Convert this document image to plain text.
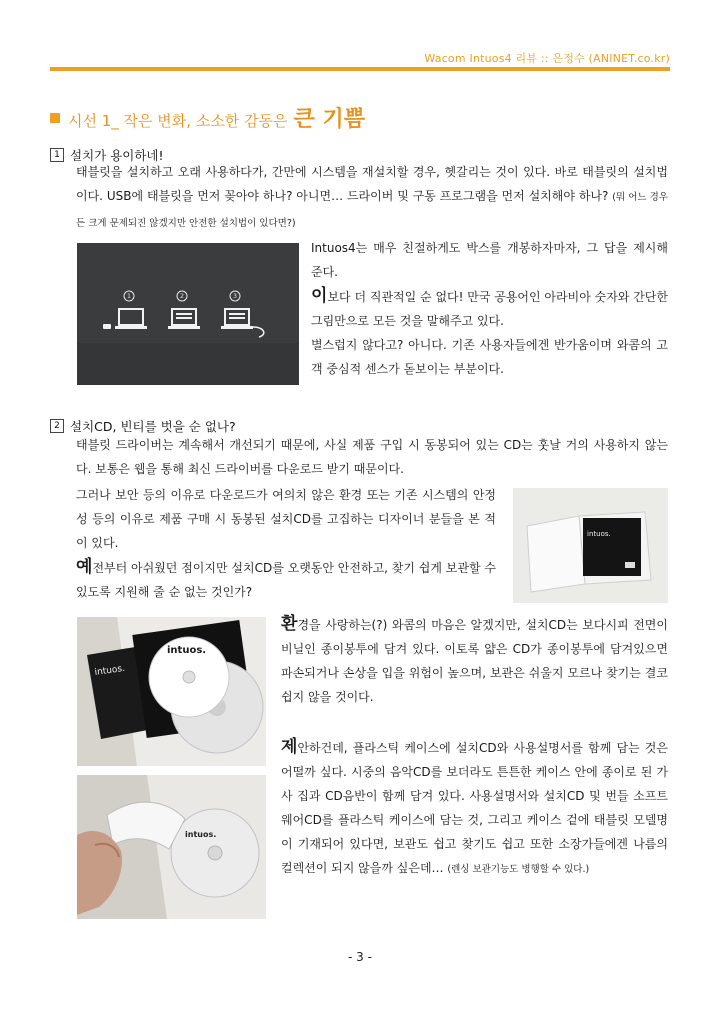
Wacom Intuos4 리뷰 :: 은정수 (ANINET.co.kr)
시선 1_ 작은 변화, 소소한 감동은 큰 기쁨
1 설치가 용이하네!
태블릿을 설치하고 오래 사용하다가, 간만에 시스템을 재설치할 경우, 헷갈리는 것이 있다. 바로 태블릿의 설치법이다. USB에 태블릿을 먼저 꽂아야 하나? 아니면… 드라이버 및 구동 프로그램을 먼저 설치해야 하나? (뭐 어느 경우든 크게 문제되진 않겠지만 안전한 설치법이 있다면?)
1	2	3
Intuos4는 매우 친절하게도 박스를 개봉하자마자, 그 답을 제시해 준다.
이보다 더 직관적일 순 없다! 만국 공용어인 아라비아 숫자와 간단한 그림만으로 모든 것을 말해주고 있다.
별스럽지 않다고? 아니다. 기존 사용자들에겐 반가움이며 와콤의 고객 중심적 센스가 돋보이는 부분이다.
2 설치CD, 빈티를 벗을 순 없나?
태블릿 드라이버는 계속해서 개선되기 때문에, 사실 제품 구입 시 동봉되어 있는 CD는 훗날 거의 사용하지 않는다. 보통은 웹을 통해 최신 드라이버를 다운로드 받기 때문이다.
그러나 보안 등의 이유로 다운로드가 여의치 않은 환경 또는 기존 시스템의 안정성 등의 이유로 제품 구매 시 동봉된 설치CD를 고집하는 디자이너 분들을 본 적이 있다.
예전부터 아쉬웠던 점이지만 설치CD를 오랫동안 안전하고, 찾기 쉽게 보관할 수 있도록 지원해 줄 순 없는 것인가?
intuos.
intuos.
intuos.
환경을 사랑하는(?) 와콤의 마음은 알겠지만, 설치CD는 보다시피 전면이 비닐인 종이봉투에 담겨 있다. 이토록 얇은 CD가 종이봉투에 담겨있으면 파손되거나 손상을 입을 위험이 높으며, 보관은 쉬울지 모르나 찾기는 결코 쉽지 않을 것이다.
intuos.
제안하건데, 플라스틱 케이스에 설치CD와 사용설명서를 함께 담는 것은 어떨까 싶다. 시중의 음악CD를 보더라도 튼튼한 케이스 안에 종이로 된 가사 집과 CD음반이 함께 담겨 있다. 사용설명서와 설치CD 및 번들 소프트웨어CD를 플라스틱 케이스에 담는 것, 그리고 케이스 겉에 태블릿 모델명이 기재되어 있다면, 보관도 쉽고 찾기도 쉽고 또한 소장가들에겐 나름의 컬렉션이 되지 않을까 싶은데… (렌싱 보관기능도 병행할 수 있다.)
- 3 -
